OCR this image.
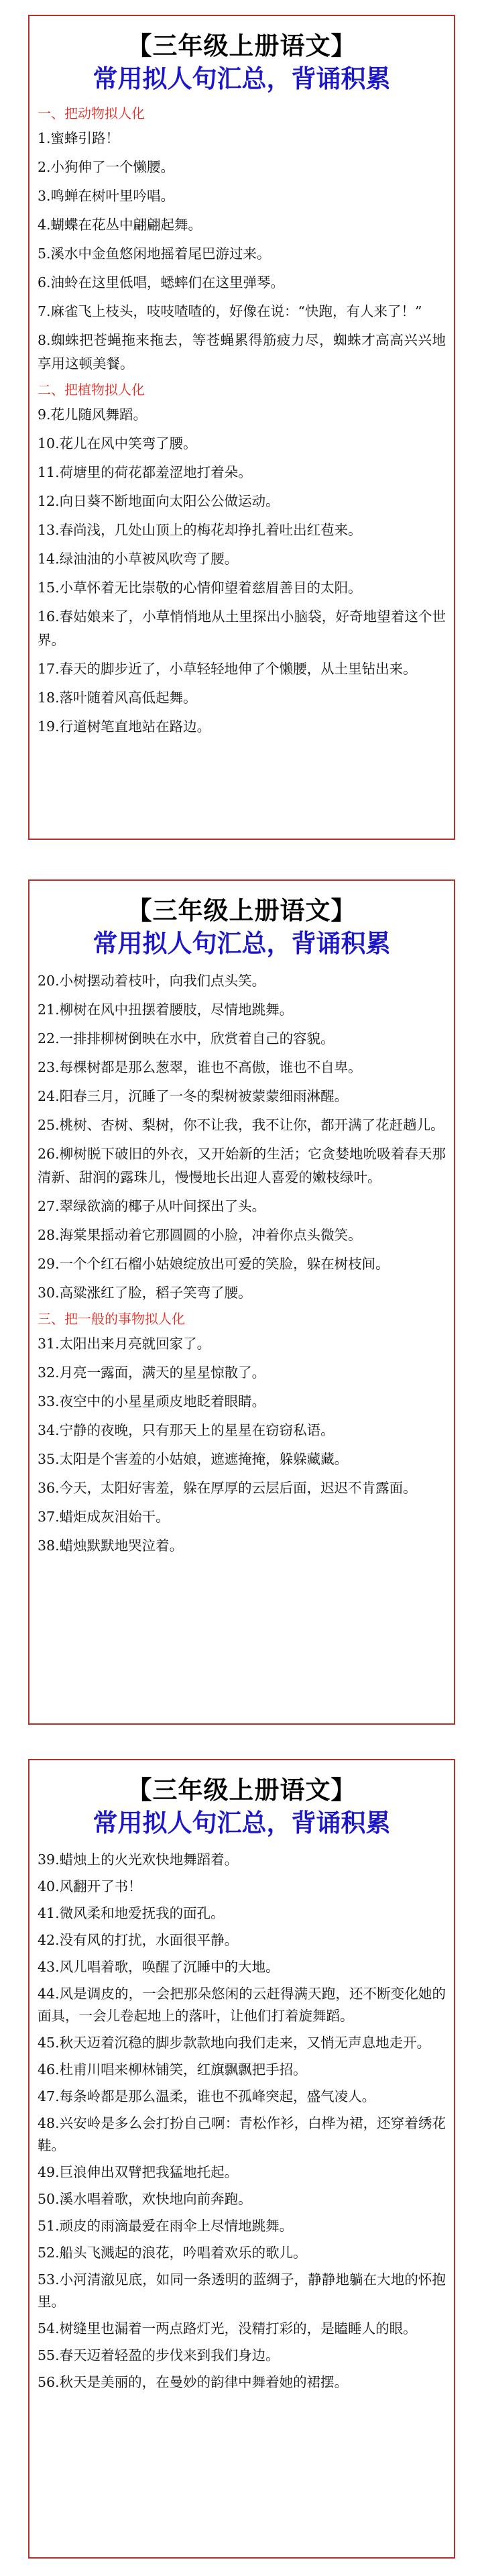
【三年级上册语文】
常用拟人句汇总，背诵积累
一、把动物拟人化
1.蜜蜂引路！
2.小狗伸了一个懒腰。
3.鸣蝉在树叶里吟唱。
4.蝴蝶在花丛中翩翩起舞。
5.溪水中金鱼悠闲地摇着尾巴游过来。
6.油蛉在这里低唱，蟋蟀们在这里弹琴。
7.麻雀飞上枝头，吱吱喳喳的，好像在说：“快跑，有人来了！”
8.蜘蛛把苍蝇拖来拖去，等苍蝇累得筋疲力尽，蜘蛛才高高兴兴地享用这顿美餐。
二、把植物拟人化
9.花儿随风舞蹈。
10.花儿在风中笑弯了腰。
11.荷塘里的荷花都羞涩地打着朵。
12.向日葵不断地面向太阳公公做运动。
13.春尚浅，几处山顶上的梅花却挣扎着吐出红苞来。
14.绿油油的小草被风吹弯了腰。
15.小草怀着无比崇敬的心情仰望着慈眉善目的太阳。
16.春姑娘来了，小草悄悄地从土里探出小脑袋，好奇地望着这个世界。
17.春天的脚步近了，小草轻轻地伸了个懒腰，从土里钻出来。
18.落叶随着风高低起舞。
19.行道树笔直地站在路边。
【三年级上册语文】
常用拟人句汇总，背诵积累
20.小树摆动着枝叶，向我们点头笑。
21.柳树在风中扭摆着腰肢，尽情地跳舞。
22.一排排柳树倒映在水中，欣赏着自己的容貌。
23.每棵树都是那么葱翠，谁也不高傲，谁也不自卑。
24.阳春三月，沉睡了一冬的梨树被蒙蒙细雨淋醒。
25.桃树、杏树、梨树，你不让我，我不让你，都开满了花赶趟儿。
26.柳树脱下破旧的外衣，又开始新的生活；它贪婪地吮吸着春天那清新、甜润的露珠儿，慢慢地长出迎人喜爱的嫩枝绿叶。
27.翠绿欲滴的椰子从叶间探出了头。
28.海棠果摇动着它那圆圆的小脸，冲着你点头微笑。
29.一个个红石榴小姑娘绽放出可爱的笑脸，躲在树枝间。
30.高粱涨红了脸，稻子笑弯了腰。
三、把一般的事物拟人化
31.太阳出来月亮就回家了。
32.月亮一露面，满天的星星惊散了。
33.夜空中的小星星顽皮地眨着眼睛。
34.宁静的夜晚，只有那天上的星星在窃窃私语。
35.太阳是个害羞的小姑娘，遮遮掩掩，躲躲藏藏。
36.今天，太阳好害羞，躲在厚厚的云层后面，迟迟不肯露面。
37.蜡炬成灰泪始干。
38.蜡烛默默地哭泣着。
【三年级上册语文】
常用拟人句汇总，背诵积累
39.蜡烛上的火光欢快地舞蹈着。
40.风翻开了书！
41.微风柔和地爱抚我的面孔。
42.没有风的打扰，水面很平静。
43.风儿唱着歌，唤醒了沉睡中的大地。
44.风是调皮的，一会把那朵悠闲的云赶得满天跑，还不断变化她的面具，一会儿卷起地上的落叶，让他们打着旋舞蹈。
45.秋天迈着沉稳的脚步款款地向我们走来，又悄无声息地走开。
46.杜甫川唱来柳林铺笑，红旗飘飘把手招。
47.每条岭都是那么温柔，谁也不孤峰突起，盛气凌人。
48.兴安岭是多么会打扮自己啊：青松作衫，白桦为裙，还穿着绣花鞋。
49.巨浪伸出双臂把我猛地托起。
50.溪水唱着歌，欢快地向前奔跑。
51.顽皮的雨滴最爱在雨伞上尽情地跳舞。
52.船头飞溅起的浪花，吟唱着欢乐的歌儿。
53.小河清澈见底，如同一条透明的蓝绸子，静静地躺在大地的怀抱里。
54.树缝里也漏着一两点路灯光，没精打彩的，是瞌睡人的眼。
55.春天迈着轻盈的步伐来到我们身边。
56.秋天是美丽的，在曼妙的韵律中舞着她的裙摆。
